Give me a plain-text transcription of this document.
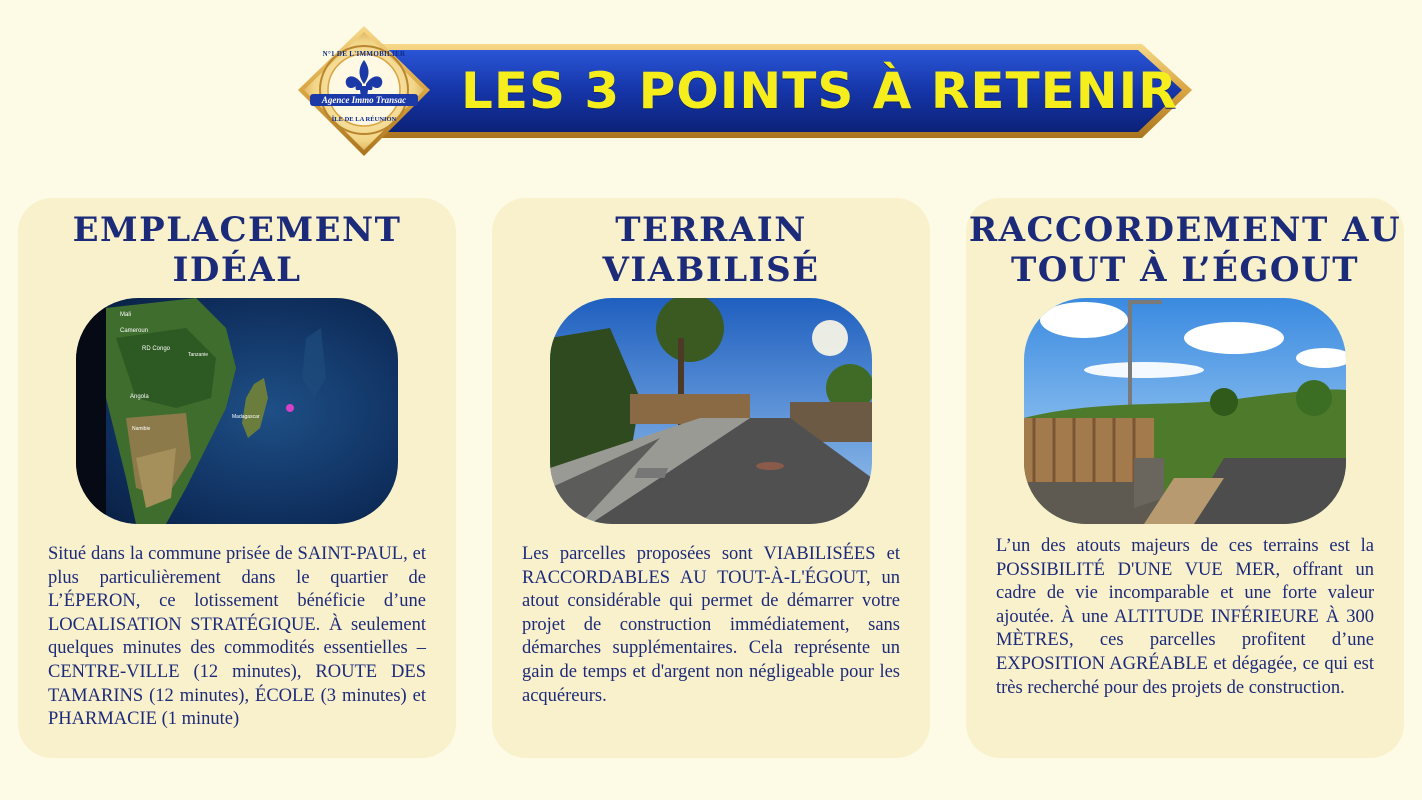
N°1 DE L'IMMOBILIER
Agence Immo Transac
ÎLE DE LA RÉUNION	LES 3 POINTS À RETENIR
EMPLACEMENT
IDÉAL
Mali
Cameroun
RD Congo
Tanzanie
Angola
Namibie
Madagascar
Situé dans la commune prisée de SAINT-PAUL, et plus particulièrement dans le quartier de L’ÉPERON, ce lotissement bénéficie d’une LOCALISATION STRATÉGIQUE. À seulement quelques minutes des commodités essentielles – CENTRE-VILLE (12 minutes), ROUTE DES TAMARINS (12 minutes), ÉCOLE (3 minutes) et PHARMACIE (1 minute)
TERRAIN
VIABILISÉ
Les parcelles proposées sont VIABILISÉES et RACCORDABLES AU TOUT-À-L'ÉGOUT, un atout considérable qui permet de démarrer votre projet de construction immédiatement, sans démarches supplémentaires. Cela représente un gain de temps et d'argent non négligeable pour les acquéreurs.
RACCORDEMENT AU
TOUT À L’ÉGOUT
L’un des atouts majeurs de ces terrains est la POSSIBILITÉ D'UNE VUE MER, offrant un cadre de vie incomparable et une forte valeur ajoutée. À une ALTITUDE INFÉRIEURE À 300 MÈTRES, ces parcelles profitent d’une EXPOSITION AGRÉABLE et dégagée, ce qui est très recherché pour des projets de construction.
